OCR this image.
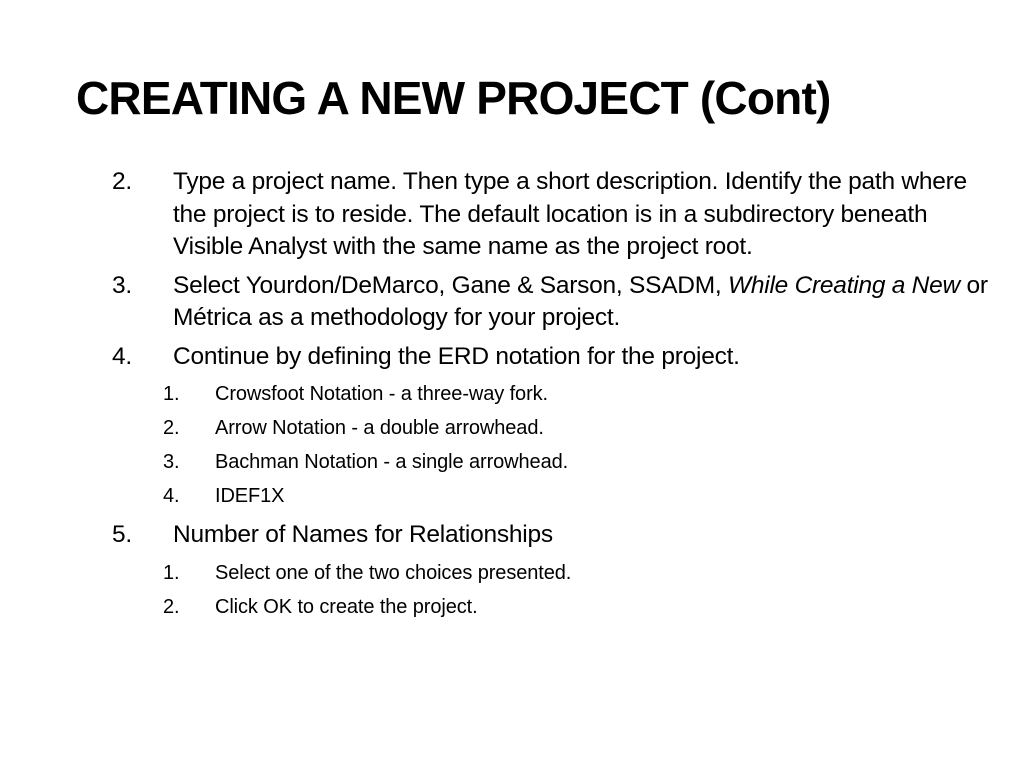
CREATING A NEW PROJECT (Cont)
2.	Type a project name. Then type a short description. Identify the path where the project is to reside. The default location is in a subdirectory beneath Visible Analyst with the same name as the project root.
3.	Select Yourdon/DeMarco, Gane & Sarson, SSADM, While Creating a New or Métrica as a methodology for your project.
4.	Continue by defining the ERD notation for the project.
1.	Crowsfoot Notation - a three-way fork.
2.	Arrow Notation - a double arrowhead.
3.	Bachman Notation - a single arrowhead.
4.	IDEF1X
5.	Number of Names for Relationships
1.	Select one of the two choices presented.
2.	Click OK to create the project.
